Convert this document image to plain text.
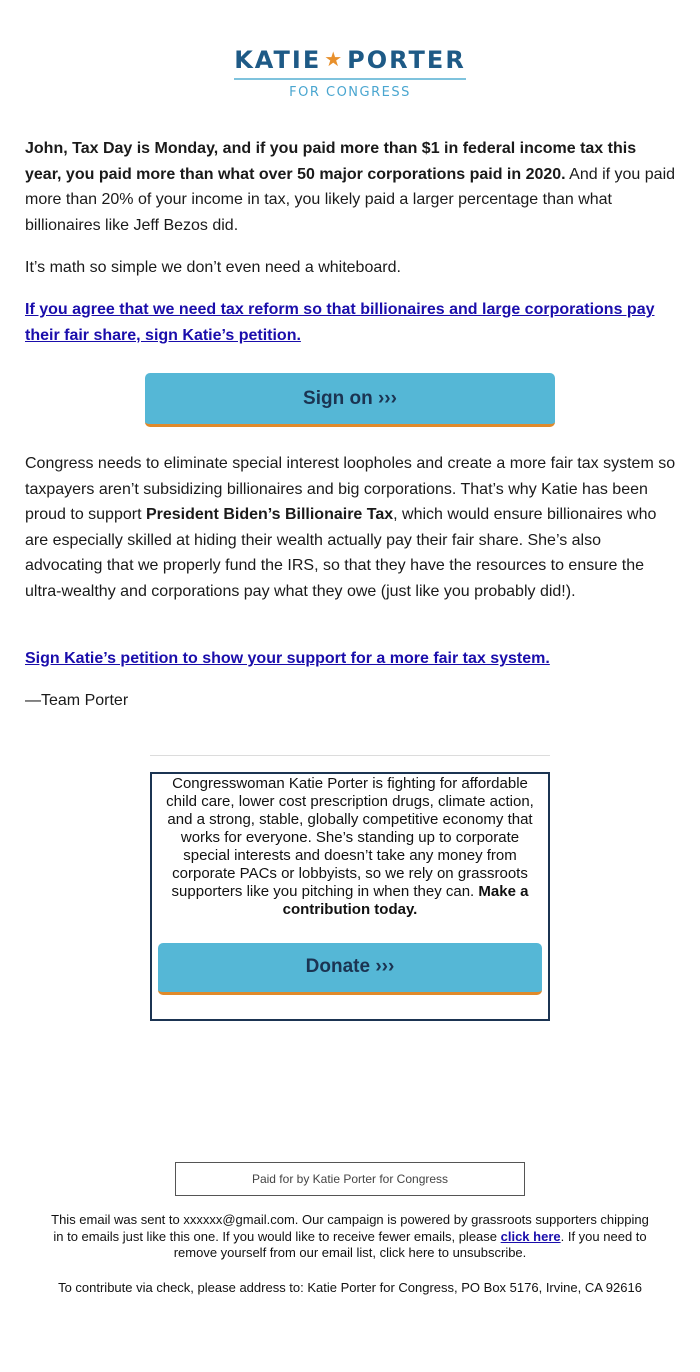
KATIE ★ PORTER
FOR CONGRESS

John, Tax Day is Monday, and if you paid more than $1 in federal income tax this year, you paid more than what over 50 major corporations paid in 2020. And if you paid more than 20% of your income in tax, you likely paid a larger percentage than what billionaires like Jeff Bezos did.

It’s math so simple we don’t even need a whiteboard.

If you agree that we need tax reform so that billionaires and large corporations pay their fair share, sign Katie’s petition.

Sign on ›››

Congress needs to eliminate special interest loopholes and create a more fair tax system so taxpayers aren’t subsidizing billionaires and big corporations. That’s why Katie has been proud to support President Biden’s Billionaire Tax, which would ensure billionaires who are especially skilled at hiding their wealth actually pay their fair share. She’s also advocating that we properly fund the IRS, so that they have the resources to ensure the ultra-wealthy and corporations pay what they owe (just like you probably did!).

Sign Katie’s petition to show your support for a more fair tax system.

—Team Porter

Congresswoman Katie Porter is fighting for affordable child care, lower cost prescription drugs, climate action, and a strong, stable, globally competitive economy that works for everyone. She’s standing up to corporate special interests and doesn’t take any money from corporate PACs or lobbyists, so we rely on grassroots supporters like you pitching in when they can. Make a contribution today.
Donate ›››
Paid for by Katie Porter for Congress

This email was sent to xxxxxx@gmail.com. Our campaign is powered by grassroots supporters chipping in to emails just like this one. If you would like to receive fewer emails, please click here. If you need to remove yourself from our email list, click here to unsubscribe.

To contribute via check, please address to: Katie Porter for Congress, PO Box 5176, Irvine, CA 92616
